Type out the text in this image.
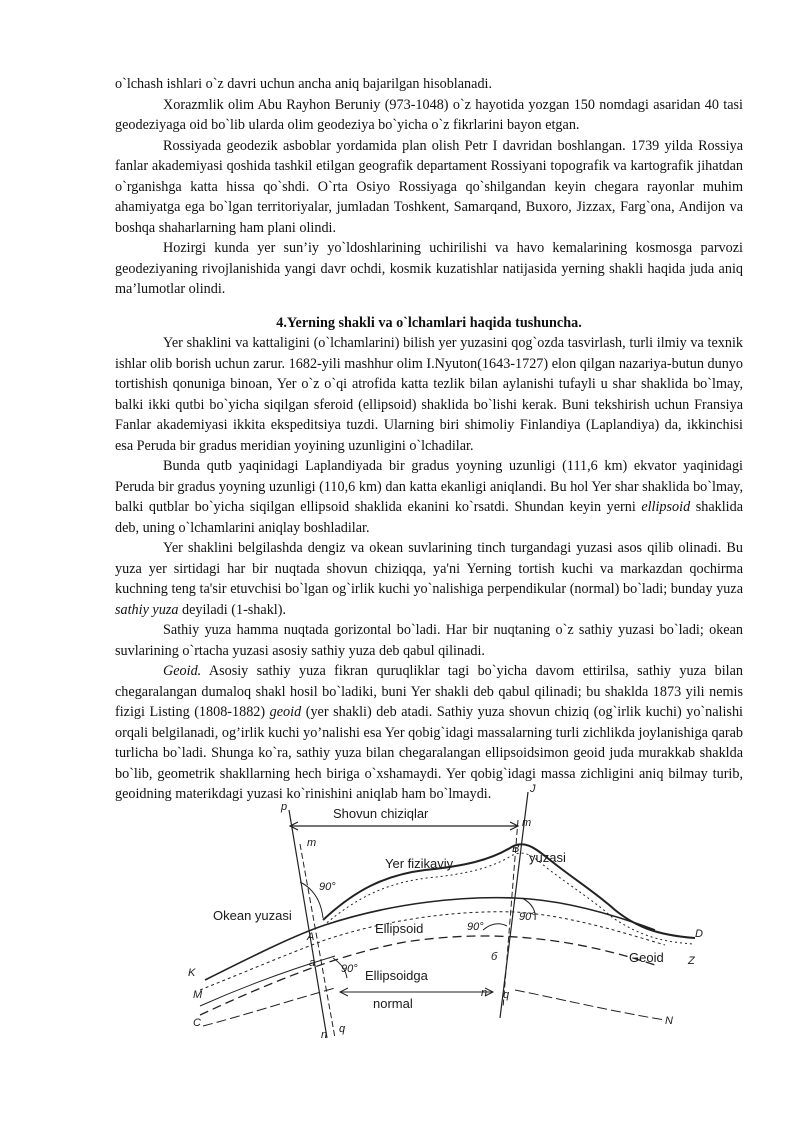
o`lchash ishlari o`z davri uchun ancha aniq bajarilgan hisoblanadi.

Xorazmlik olim Abu Rayhon Beruniy (973-1048) o`z hayotida yozgan 150 nomdagi asaridan 40 tasi geodeziyaga oid bo`lib ularda olim geodeziya bo`yicha o`z fikrlarini bayon etgan.

Rossiyada geodezik asboblar yordamida plan olish Petr I davridan boshlangan. 1739 yilda Rossiya fanlar akademiyasi qoshida tashkil etilgan geografik departament Rossiyani topografik va kartografik jihatdan o`rganishga katta hissa qo`shdi. O`rta Osiyo Rossiyaga qo`shilgandan keyin chegara rayonlar muhim ahamiyatga ega bo`lgan territoriyalar, jumladan Toshkent, Samarqand, Buxoro, Jizzax, Farg`ona, Andijon va boshqa shaharlarning ham plani olindi.

Hozirgi kunda yer sun’iy yo`ldoshlarining uchirilishi va havo kemalarining kosmosga parvozi geodeziyaning rivojlanishida yangi davr ochdi, kosmik kuzatishlar natijasida yerning shakli haqida juda aniq ma’lumotlar olindi.

4.Yerning shakli va o`lchamlari haqida tushuncha.

Yer shaklini va kattaligini (o`lchamlarini) bilish yer yuzasini qog`ozda tasvirlash, turli ilmiy va texnik ishlar olib borish uchun zarur. 1682-yili mashhur olim I.Nyuton(1643-1727) elon qilgan nazariya-butun dunyo tortishish qonuniga binoan, Yer o`z o`qi atrofida katta tezlik bilan aylanishi tufayli u shar shaklida bo`lmay, balki ikki qutbi bo`yicha siqilgan sferoid (ellipsoid) shaklida bo`lishi kerak. Buni tekshirish uchun Fransiya Fanlar akademiyasi ikkita ekspeditsiya tuzdi. Ularning biri shimoliy Finlandiya (Laplandiya) da, ikkinchisi esa Peruda bir gradus meridian yoyining uzunligini o`lchadilar.

Bunda qutb yaqinidagi Laplandiyada bir gradus yoyning uzunligi (111,6 km) ekvator yaqinidagi Peruda bir gradus yoyning uzunligi (110,6 km) dan katta ekanligi aniqlandi. Bu hol Yer shar shaklida bo`lmay, balki qutblar bo`yicha siqilgan ellipsoid shaklida ekanini ko`rsatdi. Shundan keyin yerni ellipsoid shaklida deb, uning o`lchamlarini aniqlay boshladilar.

Yer shaklini belgilashda dengiz va okean suvlarining tinch turgandagi yuzasi asos qilib olinadi. Bu yuza yer sirtidagi har bir nuqtada shovun chiziqqa, ya'ni Yerning tortish kuchi va markazdan qochirma kuchning teng ta'sir etuvchisi bo`lgan og`irlik kuchi yo`nalishiga perpendikular (normal) bo`ladi; bunday yuza sathiy yuza deyiladi (1-shakl).

Sathiy yuza hamma nuqtada gorizontal bo`ladi. Har bir nuqtaning o`z sathiy yuzasi bo`ladi; okean suvlarining o`rtacha yuzasi asosiy sathiy yuza deb qabul qilinadi.

Geoid. Asosiy sathiy yuza fikran quruqliklar tagi bo`yicha davom ettirilsa, sathiy yuza bilan chegaralangan dumaloq shakl hosil bo`ladiki, buni Yer shakli deb qabul qilinadi; bu shaklda 1873 yili nemis fizigi Listing (1808-1882) geoid (yer shakli) deb atadi. Sathiy yuza shovun chiziq (og`irlik kuchi) yo`nalishi orqali belgilanadi, og’irlik kuchi yo’nalishi esa Yer qobig`idagi massalarning turli zichlikda joylanishiga qarab turlicha bo`ladi. Shunga ko`ra, sathiy yuza bilan chegaralangan ellipsoidsimon geoid juda murakkab shaklda bo`lib, geometrik shakllarning hech biriga o`xshamaydi. Yer qobig`idagi massa zichligini aniq bilmay turib, geoidning materikdagi yuzasi ko`rinishini aniqlab ham bo`lmaydi.

Shovun chiziqlar
p
J
m
m
Yer fizikaviy	yuzasi
B
90°
Okean yuzasi
A
Ellipsoid	90°
90°
a 90°
б
Ellipsoidga
normal
Geoid
K
M
C	N
D
Z
n q
n q
